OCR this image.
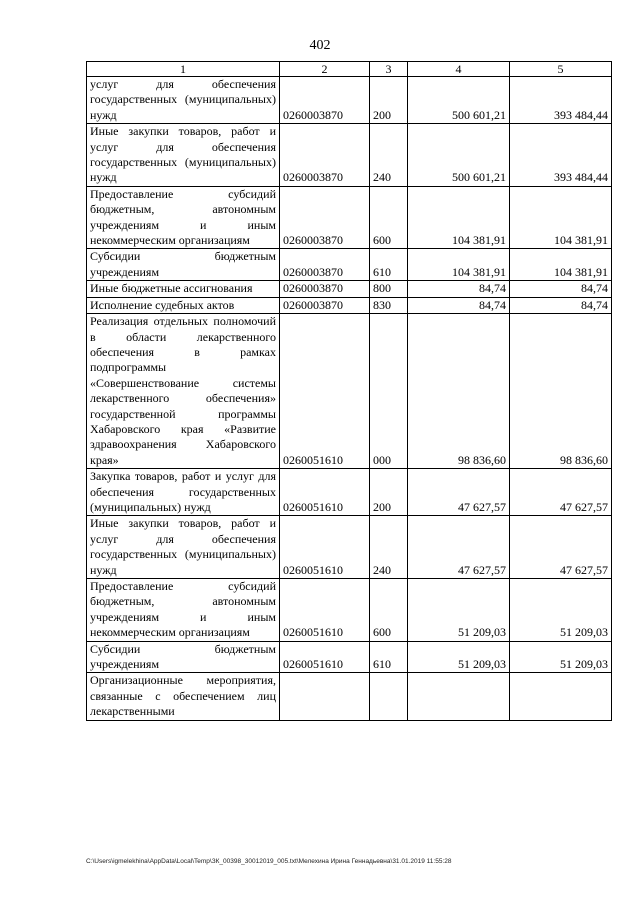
402
1	2	3	4	5
услуг для обеспечения государственных (муниципальных) нужд	0260003870	200	500 601,21	393 484,44
Иные закупки товаров, работ и услуг для обеспечения государственных (муниципальных) нужд	0260003870	240	500 601,21	393 484,44
Предоставление субсидий бюджетным, автономным учреждениям и иным некоммерческим организациям	0260003870	600	104 381,91	104 381,91
Субсидии бюджетным учреждениям	0260003870	610	104 381,91	104 381,91
Иные бюджетные ассигнования	0260003870	800	84,74	84,74
Исполнение судебных актов	0260003870	830	84,74	84,74
Реализация отдельных полномочий в области лекарственного обеспечения в рамках подпрограммы «Совершенствование системы лекарственного обеспечения» государственной программы Хабаровского края «Развитие здравоохранения Хабаровского края»	0260051610	000	98 836,60	98 836,60
Закупка товаров, работ и услуг для обеспечения государственных (муниципальных) нужд	0260051610	200	47 627,57	47 627,57
Иные закупки товаров, работ и услуг для обеспечения государственных (муниципальных) нужд	0260051610	240	47 627,57	47 627,57
Предоставление субсидий бюджетным, автономным учреждениям и иным некоммерческим организациям	0260051610	600	51 209,03	51 209,03
Субсидии бюджетным учреждениям	0260051610	610	51 209,03	51 209,03
Организационные мероприятия, связанные с обеспечением лиц лекарственными				
C:\Users\igmelekhina\AppData\Local\Temp\ЗК_00398_30012019_005.txt\Мелехина Ирина Геннадьевна\31.01.2019 11:55:28
